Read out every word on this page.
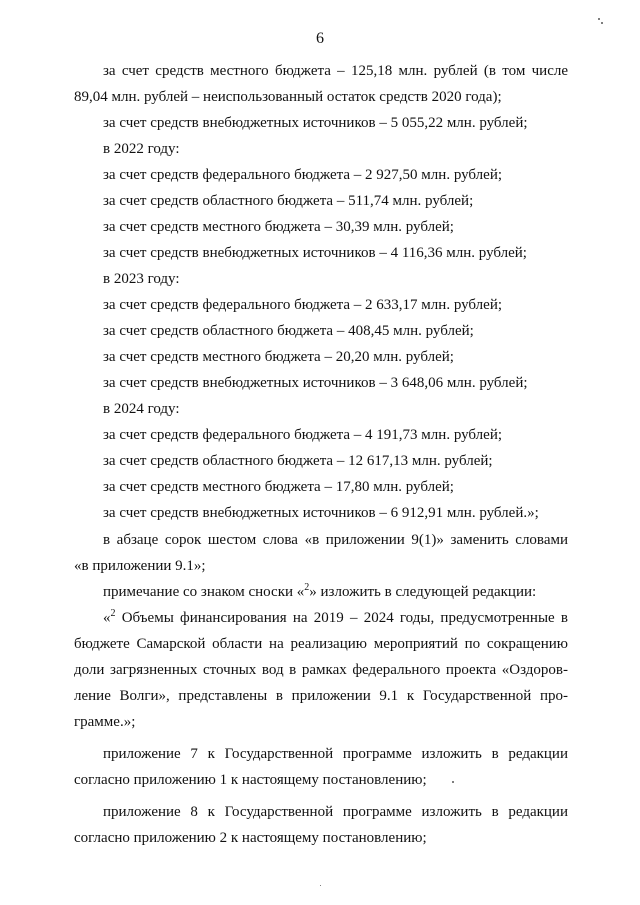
6
за счет средств местного бюджета – 125,18 млн. рублей (в том числе
89,04 млн. рублей – неиспользованный остаток средств 2020 года);
за счет средств внебюджетных источников – 5 055,22 млн. рублей;
в 2022 году:
за счет средств федерального бюджета – 2 927,50 млн. рублей;
за счет средств областного бюджета – 511,74 млн. рублей;
за счет средств местного бюджета – 30,39 млн. рублей;
за счет средств внебюджетных источников – 4 116,36 млн. рублей;
в 2023 году:
за счет средств федерального бюджета – 2 633,17 млн. рублей;
за счет средств областного бюджета – 408,45 млн. рублей;
за счет средств местного бюджета – 20,20 млн. рублей;
за счет средств внебюджетных источников – 3 648,06 млн. рублей;
в 2024 году:
за счет средств федерального бюджета – 4 191,73 млн. рублей;
за счет средств областного бюджета – 12 617,13 млн. рублей;
за счет средств местного бюджета – 17,80 млн. рублей;
за счет средств внебюджетных источников – 6 912,91 млн. рублей.»;
в абзаце сорок шестом слова «в приложении 9(1)» заменить словами
«в приложении 9.1»;
примечание со знаком сноски «$^2$» изложить в следующей редакции:
«$^2$ Объемы финансирования на 2019 – 2024 годы, предусмотренные в
бюджете Самарской области на реализацию мероприятий по сокращению
доли загрязненных сточных вод в рамках федерального проекта «Оздоров-
ление Волги», представлены в приложении 9.1 к Государственной про-
грамме.»;
приложение 7 к Государственной программе изложить в редакции
согласно приложению 1 к настоящему постановлению;
приложение 8 к Государственной программе изложить в редакции
согласно приложению 2 к настоящему постановлению;
